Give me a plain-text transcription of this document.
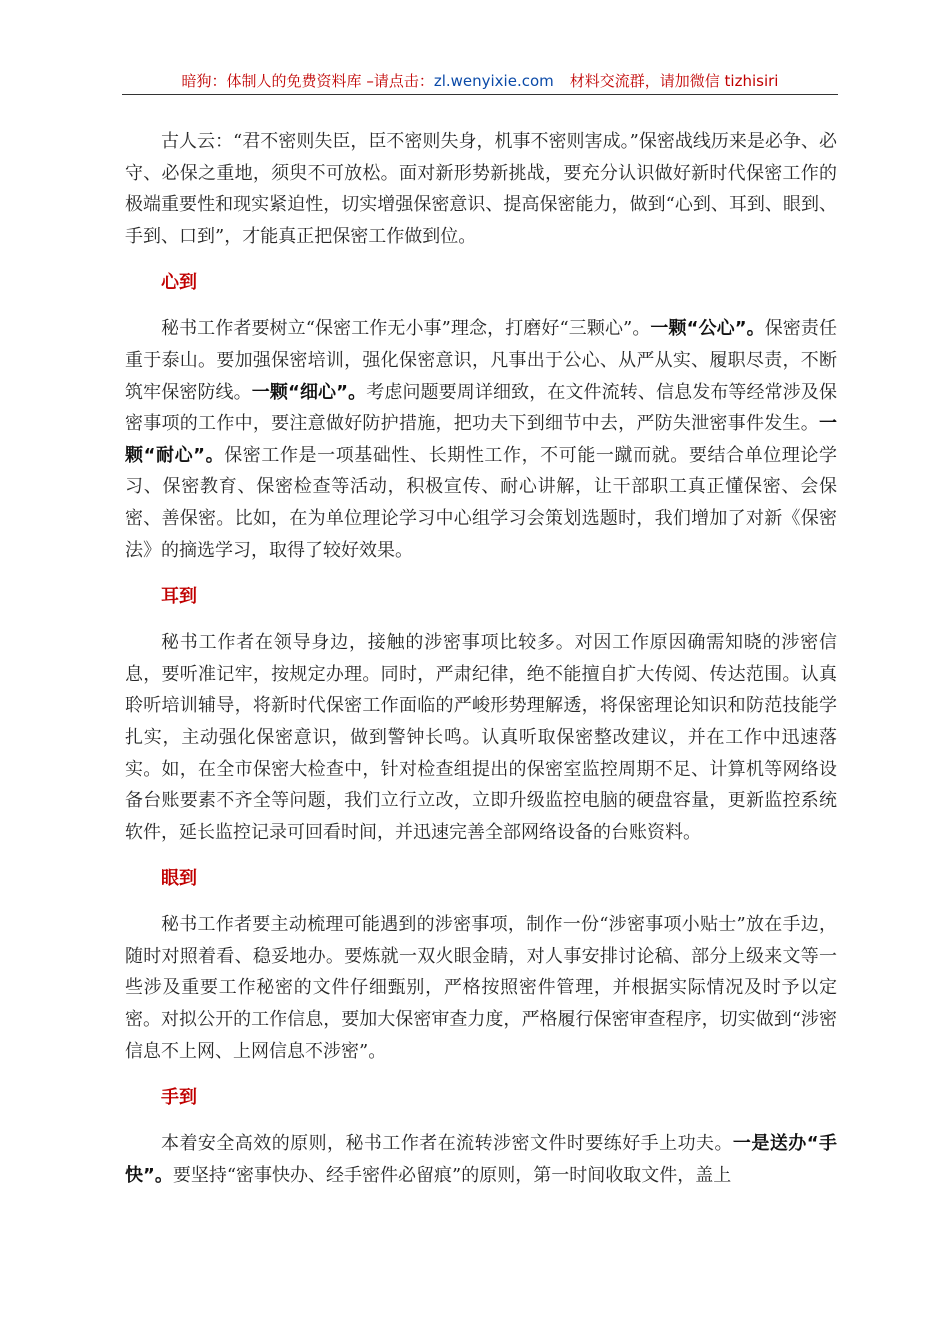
暗狗：体制人的免费资料库 –请点击：zl.wenyixie.com 材料交流群，请加微信 tizhisiri

古人云：“君不密则失臣，臣不密则失身，机事不密则害成。”保密战线历来是必争、必守、必保之重地，须臾不可放松。面对新形势新挑战，要充分认识做好新时代保密工作的极端重要性和现实紧迫性，切实增强保密意识、提高保密能力，做到“心到、耳到、眼到、手到、口到”，才能真正把保密工作做到位。

心到

秘书工作者要树立“保密工作无小事”理念，打磨好“三颗心”。一颗“公心”。保密责任重于泰山。要加强保密培训，强化保密意识，凡事出于公心、从严从实、履职尽责，不断筑牢保密防线。一颗“细心”。考虑问题要周详细致，在文件流转、信息发布等经常涉及保密事项的工作中，要注意做好防护措施，把功夫下到细节中去，严防失泄密事件发生。一颗“耐心”。保密工作是一项基础性、长期性工作，不可能一蹴而就。要结合单位理论学习、保密教育、保密检查等活动，积极宣传、耐心讲解，让干部职工真正懂保密、会保密、善保密。比如，在为单位理论学习中心组学习会策划选题时，我们增加了对新《保密法》的摘选学习，取得了较好效果。

耳到

秘书工作者在领导身边，接触的涉密事项比较多。对因工作原因确需知晓的涉密信息，要听准记牢，按规定办理。同时，严肃纪律，绝不能擅自扩大传阅、传达范围。认真聆听培训辅导，将新时代保密工作面临的严峻形势理解透，将保密理论知识和防范技能学扎实，主动强化保密意识，做到警钟长鸣。认真听取保密整改建议，并在工作中迅速落实。如，在全市保密大检查中，针对检查组提出的保密室监控周期不足、计算机等网络设备台账要素不齐全等问题，我们立行立改，立即升级监控电脑的硬盘容量，更新监控系统软件，延长监控记录可回看时间，并迅速完善全部网络设备的台账资料。

眼到

秘书工作者要主动梳理可能遇到的涉密事项，制作一份“涉密事项小贴士”放在手边，随时对照着看、稳妥地办。要炼就一双火眼金睛，对人事安排讨论稿、部分上级来文等一些涉及重要工作秘密的文件仔细甄别，严格按照密件管理，并根据实际情况及时予以定密。对拟公开的工作信息，要加大保密审查力度，严格履行保密审查程序，切实做到“涉密信息不上网、上网信息不涉密”。

手到

本着安全高效的原则，秘书工作者在流转涉密文件时要练好手上功夫。一是送办“手快”。要坚持“密事快办、经手密件必留痕”的原则，第一时间收取文件，盖上
